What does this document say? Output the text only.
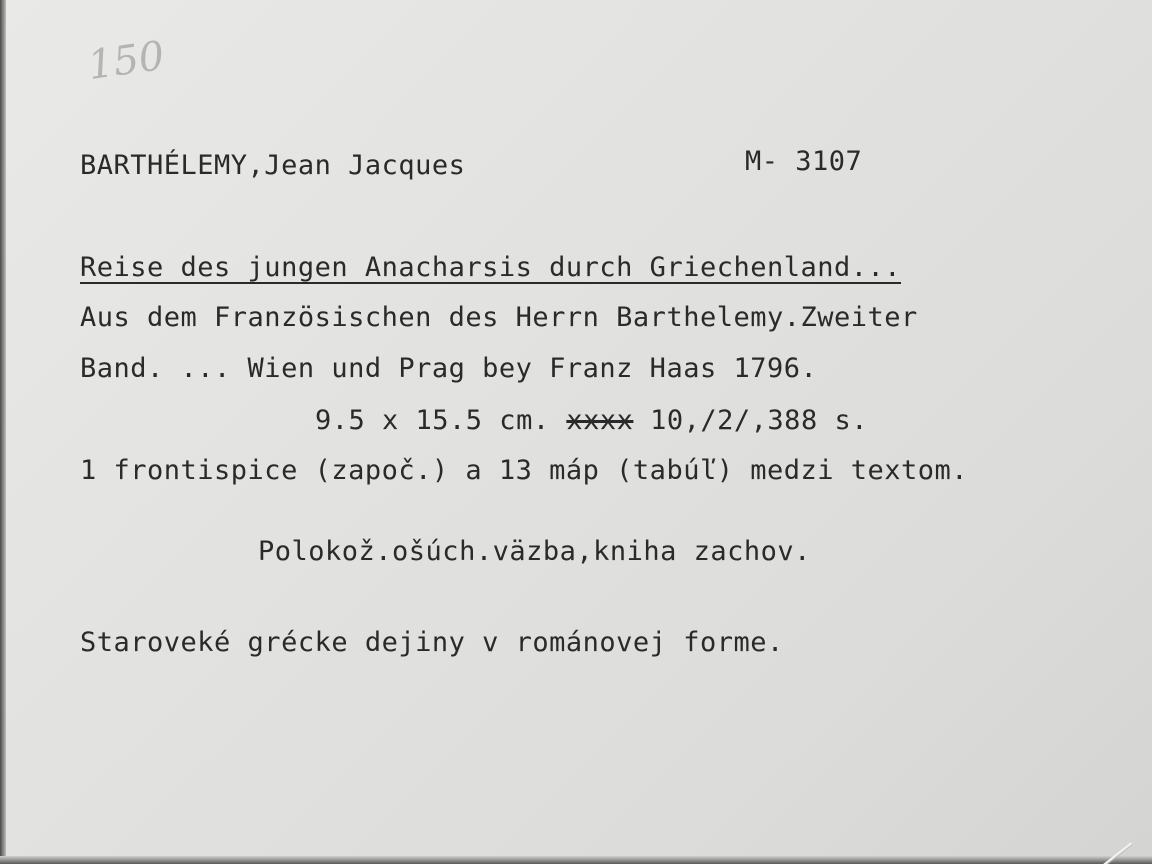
150
BARTHÉLEMY,Jean Jacques	M- 3107
Reise des jungen Anacharsis durch Griechenland...
Aus dem Französischen des Herrn Barthelemy.Zweiter
Band. ... Wien und Prag bey Franz Haas 1796.
9.5 x 15.5 cm. xxxx 10,/2/,388 s.
1 frontispice (započ.) a 13 máp (tabúľ) medzi textom.
Polokož.ošúch.väzba,kniha zachov.
Staroveké grécke dejiny v románovej forme.
